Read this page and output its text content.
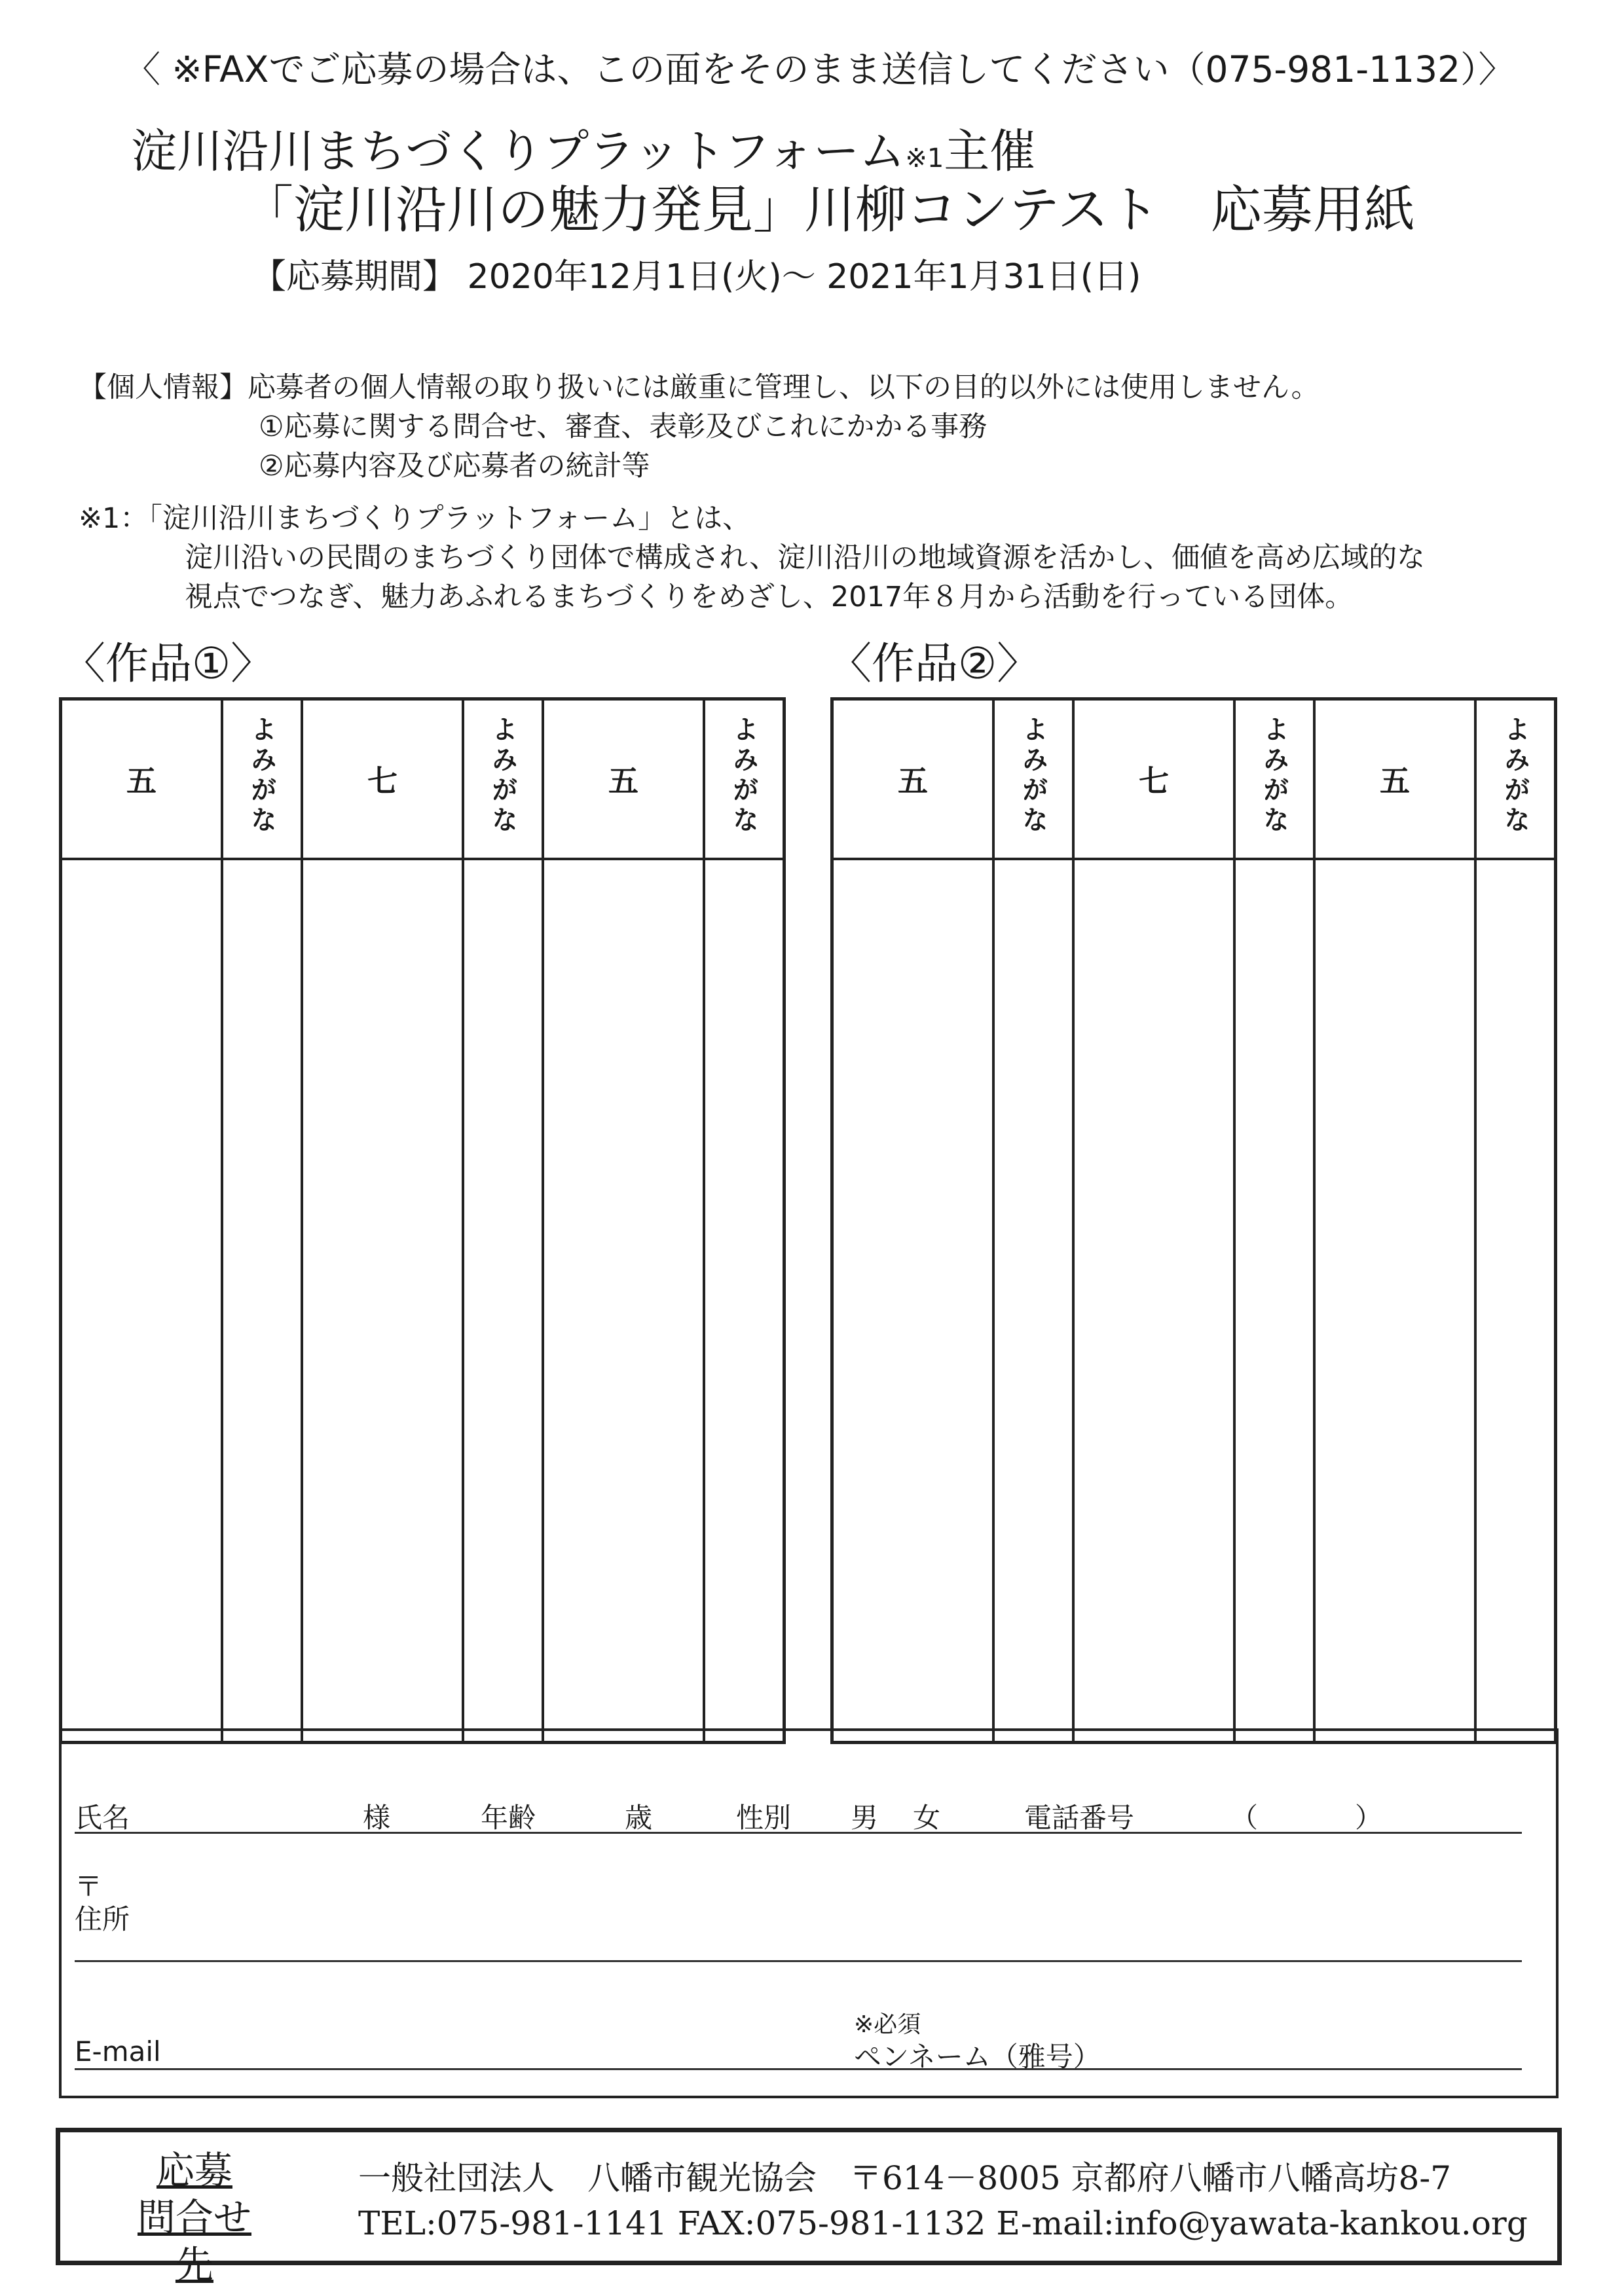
〈 ※FAXでご応募の場合は、この面をそのまま送信してください（075-981-1132）〉
淀川沿川まちづくりプラットフォーム※1主催
「淀川沿川の魅力発見」川柳コンテスト　応募用紙
【応募期間】 2020年12月1日(火)～ 2021年1月31日(日)
【個人情報】応募者の個人情報の取り扱いには厳重に管理し、以下の目的以外には使用しません。
①応募に関する問合せ、審査、表彰及びこれにかかる事務
②応募内容及び応募者の統計等
※1：「淀川沿川まちづくりプラットフォーム」とは、
淀川沿いの民間のまちづくり団体で構成され、淀川沿川の地域資源を活かし、価値を高め広域的な
視点でつなぎ、魅力あふれるまちづくりをめざし、2017年８月から活動を行っている団体。
〈作品①〉	〈作品②〉
五	よみがな	七	よみがな	五	よみがな
						五	よみがな	七	よみがな	五	よみがな

氏名	様	年齢	歳	性別 男 女	電話番号	（	）
〒
住所
※必須
E-mail	ペンネーム（雅号）
応募
問合せ先
一般社団法人　八幡市観光協会　〒614－8005 京都府八幡市八幡高坊8-7
TEL:075-981-1141 FAX:075-981-1132 E-mail:info@yawata-kankou.org
